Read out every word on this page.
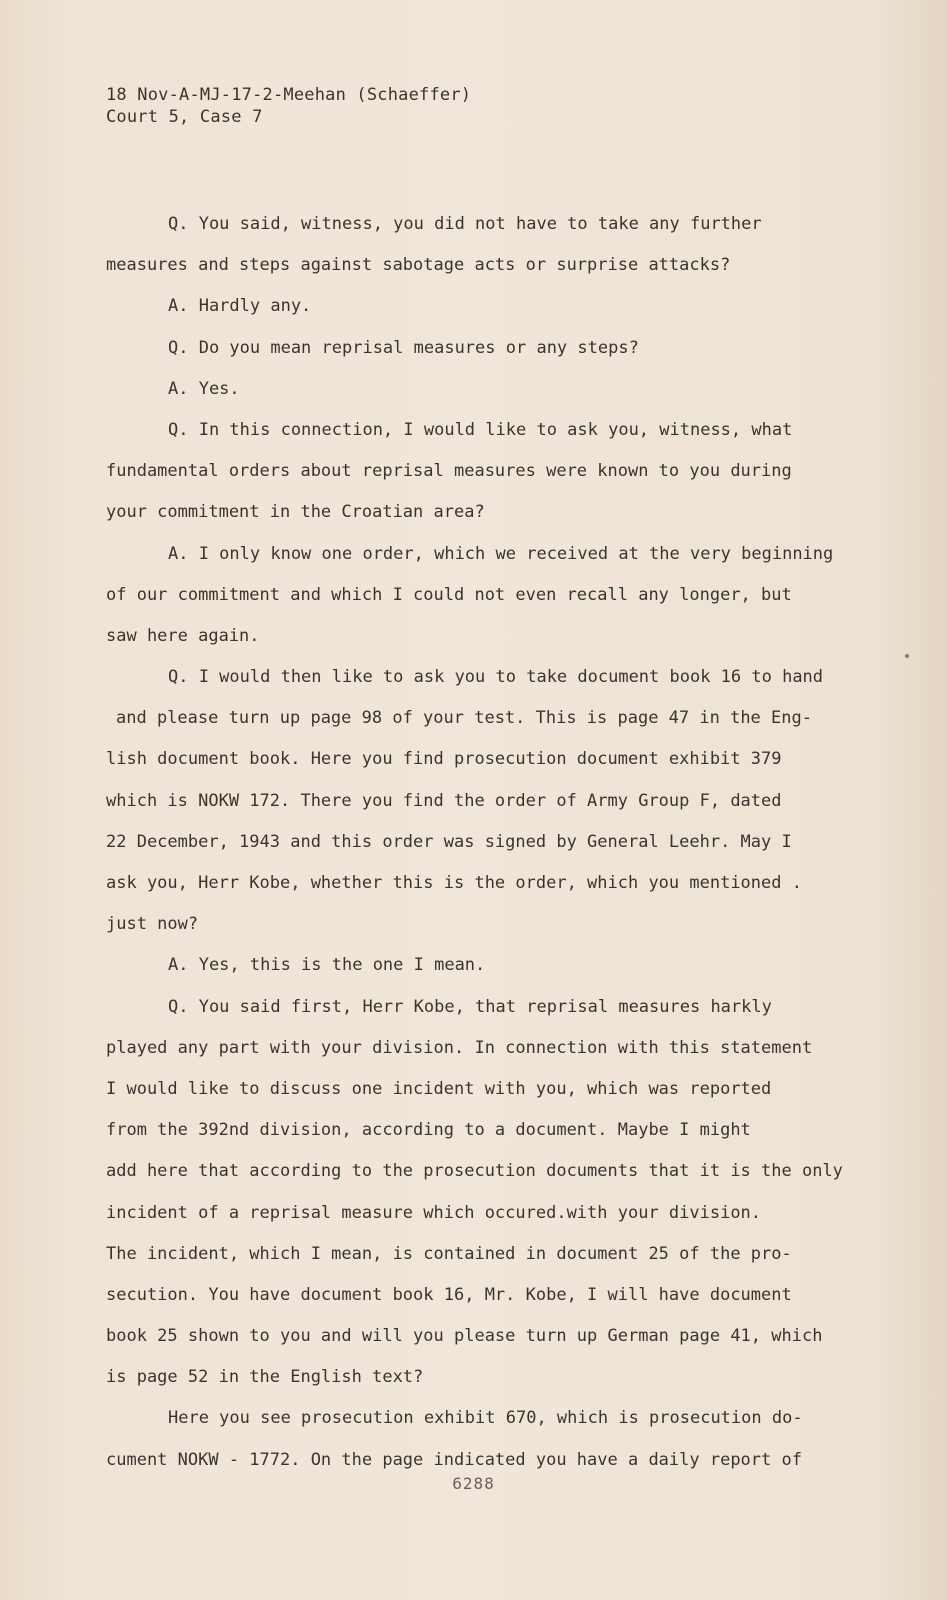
18 Nov-A-MJ-17-2-Meehan (Schaeffer)
Court 5, Case 7
Q. You said, witness, you did not have to take any further
measures and steps against sabotage acts or surprise attacks?
A. Hardly any.
Q. Do you mean reprisal measures or any steps?
A. Yes.
Q. In this connection, I would like to ask you, witness, what
fundamental orders about reprisal measures were known to you during
your commitment in the Croatian area?
A. I only know one order, which we received at the very beginning
of our commitment and which I could not even recall any longer, but
saw here again.
Q. I would then like to ask you to take document book 16 to hand
and please turn up page 98 of your test. This is page 47 in the Eng-
lish document book. Here you find prosecution document exhibit 379
which is NOKW 172. There you find the order of Army Group F, dated
22 December, 1943 and this order was signed by General Leehr. May I
ask you, Herr Kobe, whether this is the order, which you mentioned .
just now?
A. Yes, this is the one I mean.
Q. You said first, Herr Kobe, that reprisal measures harkly
played any part with your division. In connection with this statement
I would like to discuss one incident with you, which was reported
from the 392nd division, according to a document. Maybe I might
add here that according to the prosecution documents that it is the only
incident of a reprisal measure which occured.with your division.
The incident, which I mean, is contained in document 25 of the pro-
secution. You have document book 16, Mr. Kobe, I will have document
book 25 shown to you and will you please turn up German page 41, which
is page 52 in the English text?
Here you see prosecution exhibit 670, which is prosecution do-
cument NOKW - 1772. On the page indicated you have a daily report of
6288
